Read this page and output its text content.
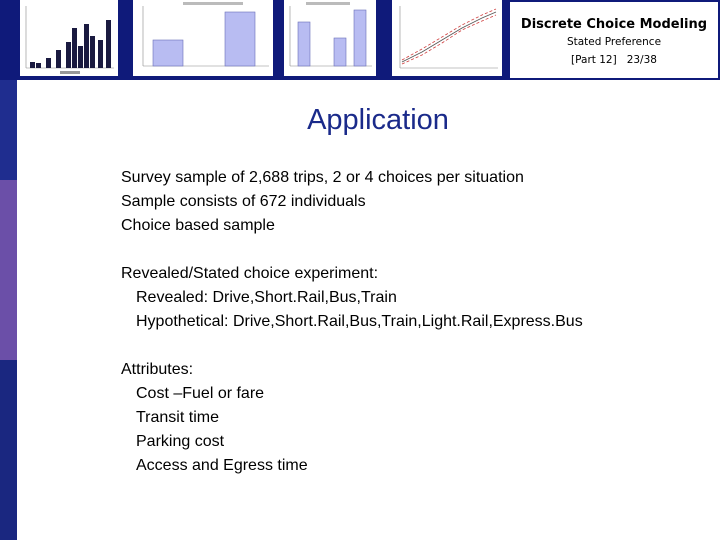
Discrete Choice Modeling
Stated Preference
[Part 12] 23/38
Application
Survey sample of 2,688 trips, 2 or 4 choices per situation
Sample consists of 672 individuals
Choice based sample
Revealed/Stated choice experiment:
Revealed: Drive,Short.Rail,Bus,Train
Hypothetical: Drive,Short.Rail,Bus,Train,Light.Rail,Express.Bus
Attributes:
Cost –Fuel or fare
Transit time
Parking cost
Access and Egress time
